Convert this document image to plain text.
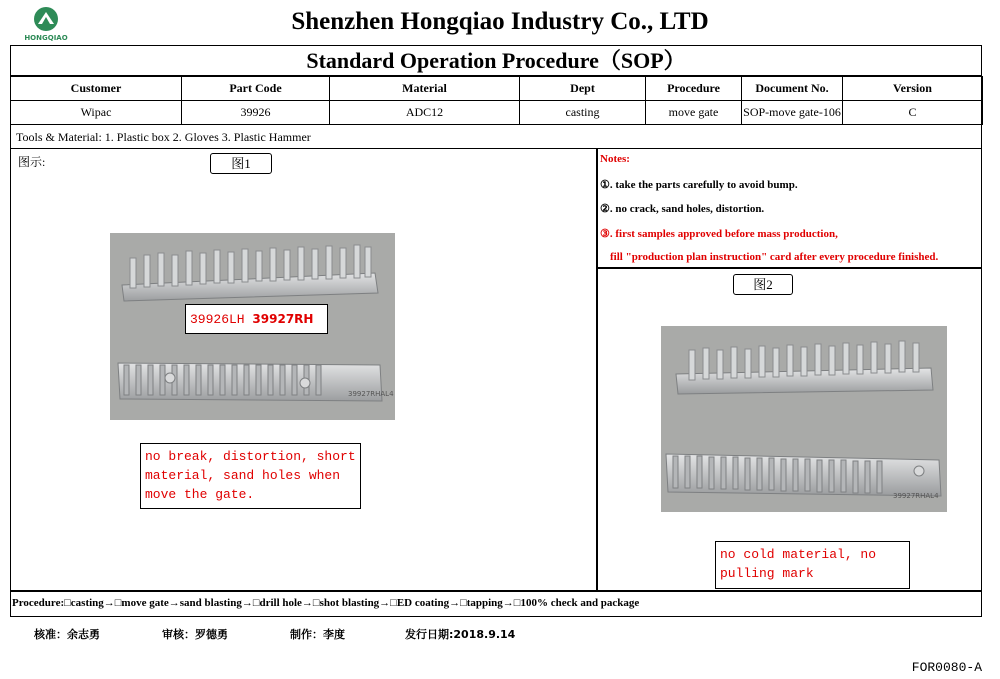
HONGQIAO
Shenzhen Hongqiao Industry Co., LTD
Standard Operation Procedure（SOP）
Customer	Part Code	Material	Dept	Procedure	Document No.	Version
Wipac	39926	ADC12	casting	move gate	SOP-move gate-106	C
Tools & Material: 1. Plastic box 2. Gloves 3. Plastic Hammer
图示:	图1
39927RHAL4
39926LH 39927RH
no break, distortion, short material, sand holes when move the gate.
Notes:
①. take the parts carefully to avoid bump.
②. no crack, sand holes, distortion.
③. first samples approved before mass production,
fill "production plan instruction" card after every procedure finished.
图2
39927RHAL4
no cold material, no pulling mark
Procedure:□casting→□move gate→sand blasting→□drill hole→□shot blasting→□ED coating→□tapping→□100% check and package
核准：余志勇	审核：罗德勇	制作：李度	发行日期:2018.9.14
FOR0080-A
